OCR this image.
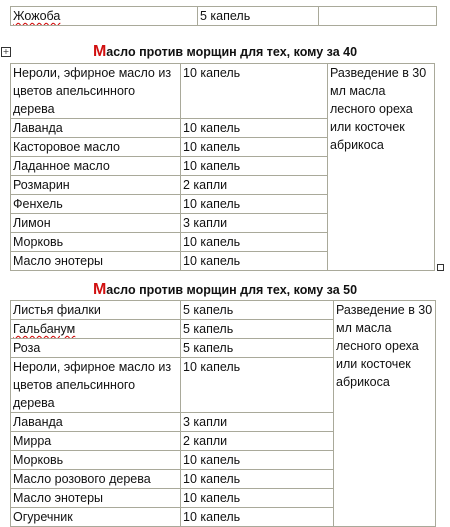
Жожоба	5 капель	
Масло против морщин для тех, кому за 40
+
Нероли, эфирное масло из цветов апельсинного дерева	10 капель	Разведение в 30 мл масла лесного ореха или косточек абрикоса
Лаванда	10 капель	
Касторовое масло	10 капель	
Ладанное масло	10 капель	
Розмарин	2 капли	
Фенхель	10 капель	
Лимон	3 капли	
Морковь	10 капель	
Масло энотеры	10 капель	
Масло против морщин для тех, кому за 50
Листья фиалки	5 капель	Разведение в 30 мл масла лесного ореха или косточек абрикоса
Гальбанум	5 капель	
Роза	5 капель	
Нероли, эфирное масло из цветов апельсинного дерева	10 капель	
Лаванда	3 капли	
Мирра	2 капли	
Морковь	10 капель	
Масло розового дерева	10 капель	
Масло энотеры	10 капель	
Огуречник	10 капель	
